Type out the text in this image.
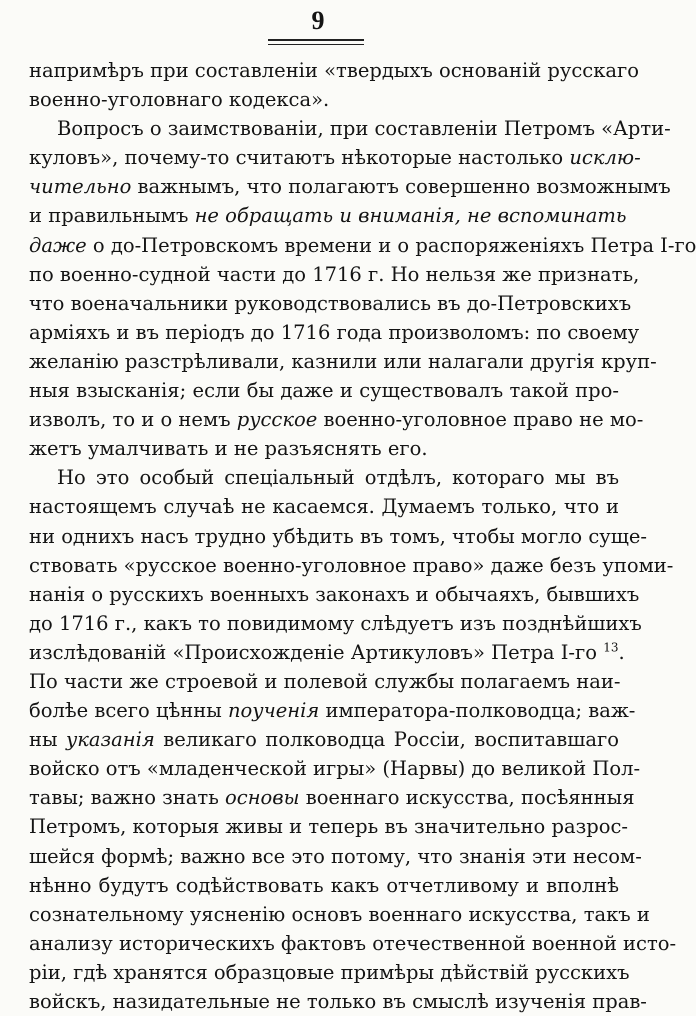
9
напримѣръ при составленіи «твердыхъ основаній русскаго
военно-уголовнаго кодекса».
Вопросъ о заимствованіи, при составленіи Петромъ «Арти-
куловъ», почему-то считаютъ нѣкоторые настолько исклю-
чительно важнымъ, что полагаютъ совершенно возможнымъ
и правильнымъ не обращать и вниманія, не вспоминать
даже о до-Петровскомъ времени и о распоряженіяхъ Петра I-го
по военно-судной части до 1716 г. Но нельзя же признать,
что военачальники руководствовались въ до-Петровскихъ
арміяхъ и въ періодъ до 1716 года произволомъ: по своему
желанію разстрѣливали, казнили или налагали другія круп-
ныя взысканія; если бы даже и существовалъ такой про-
изволъ, то и о немъ русское военно-уголовное право не мо-
жетъ умалчивать и не разъяснять его.
Но это особый спеціальный отдѣлъ, котораго мы въ
настоящемъ случаѣ не касаемся. Думаемъ только, что и
ни однихъ насъ трудно убѣдить въ томъ, чтобы могло суще-
ствовать «русское военно-уголовное право» даже безъ упоми-
нанія о русскихъ военныхъ законахъ и обычаяхъ, бывшихъ
до 1716 г., какъ то повидимому слѣдуетъ изъ позднѣйшихъ
изслѣдованій «Происхожденіе Артикуловъ» Петра I-го $^{13}$.
По части же строевой и полевой службы полагаемъ наи-
болѣе всего цѣнны поученія императора-полководца; важ-
ны указанія великаго полководца Россіи, воспитавшаго
войско отъ «младенческой игры» (Нарвы) до великой Пол-
тавы; важно знать основы военнаго искусства, посѣянныя
Петромъ, которыя живы и теперь въ значительно разрос-
шейся формѣ; важно все это потому, что знанія эти несом-
нѣнно будутъ содѣйствовать какъ отчетливому и вполнѣ
сознательному уясненію основъ военнаго искусства, такъ и
анализу историческихъ фактовъ отечественной военной исто-
ріи, гдѣ хранятся образцовые примѣры дѣйствій русскихъ
войскъ, назидательные не только въ смыслѣ изученія прав-
